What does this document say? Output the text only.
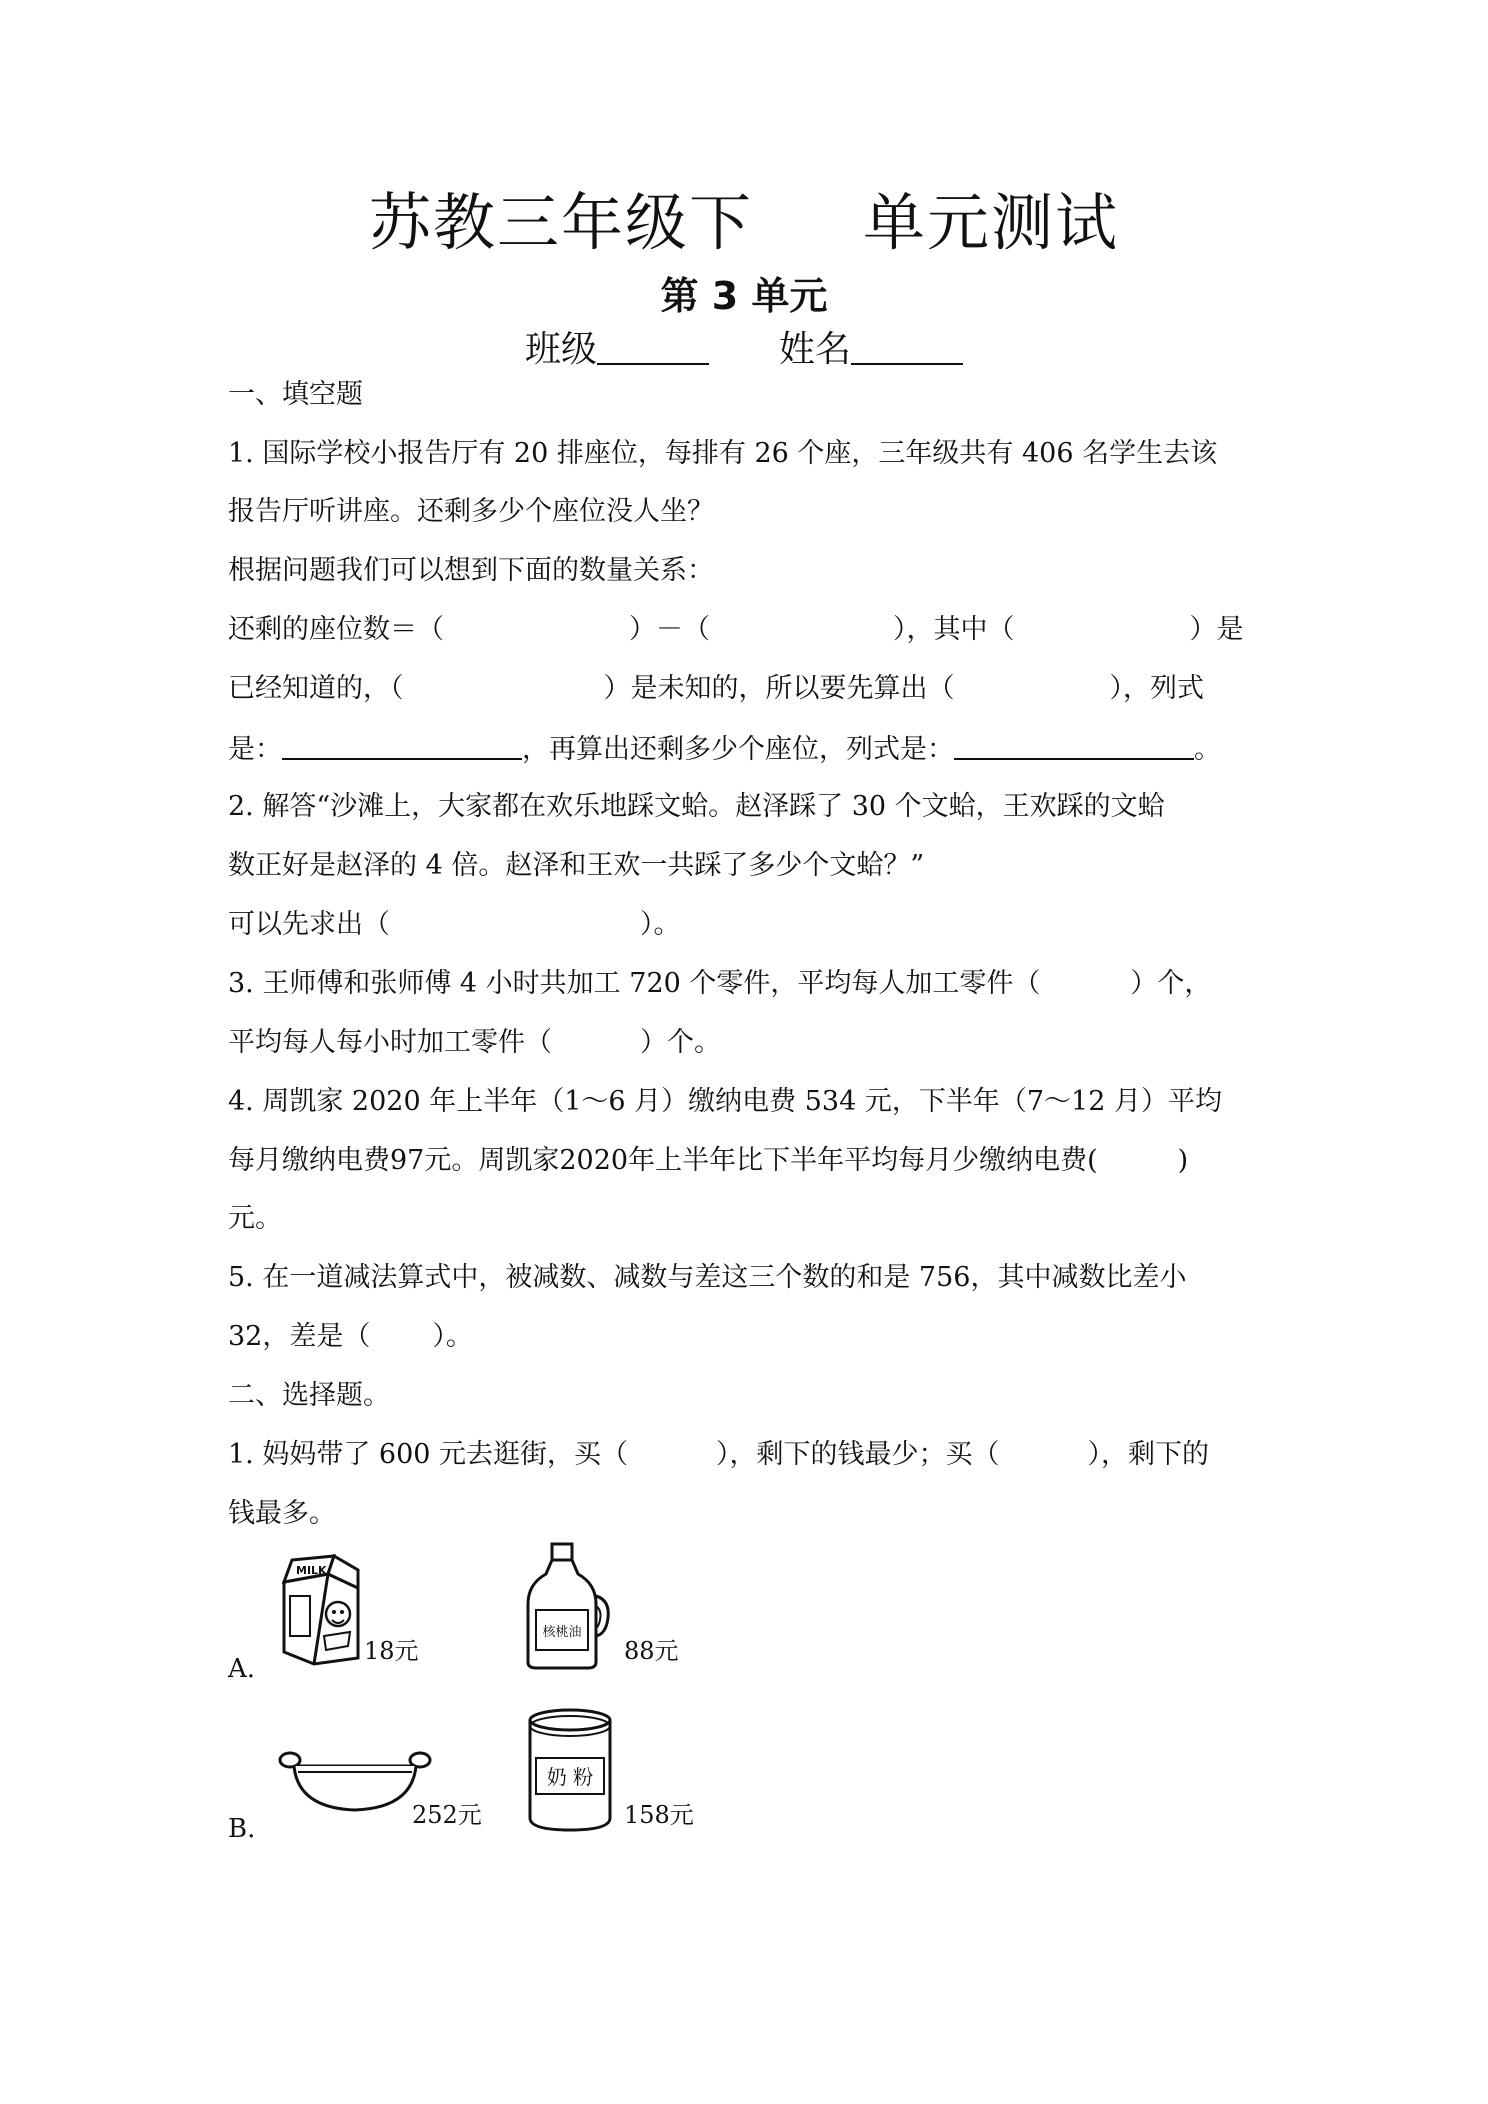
苏教三年级下 单元测试
第 3 单元
班级	姓名
一、填空题
1. 国际学校小报告厅有 20 排座位，每排有 26 个座，三年级共有 406 名学生去该
报告厅听讲座。还剩多少个座位没人坐？
根据问题我们可以想到下面的数量关系：
还剩的座位数＝（	）－（	），其中（	）是
已经知道的，（	）是未知的，所以要先算出（	），列式
是：	，再算出还剩多少个座位，列式是：	。
2. 解答“沙滩上，大家都在欢乐地踩文蛤。赵泽踩了 30 个文蛤，王欢踩的文蛤
数正好是赵泽的 4 倍。赵泽和王欢一共踩了多少个文蛤？”
可以先求出（	）。
3. 王师傅和张师傅 4 小时共加工 720 个零件，平均每人加工零件（	）个，
平均每人每小时加工零件（	）个。
4. 周凯家 2020 年上半年（1～6 月）缴纳电费 534 元，下半年（7～12 月）平均
每月缴纳电费97元。周凯家2020年上半年比下半年平均每月少缴纳电费(	)
元。
5. 在一道减法算式中，被减数、减数与差这三个数的和是 756，其中减数比差小
32，差是（ ）。
二、选择题。
1. 妈妈带了 600 元去逛街，买（	），剩下的钱最少；买（	），剩下的
钱最多。
A.
MILK
18元
核桃油
88元
B.	252元
奶 粉
158元
